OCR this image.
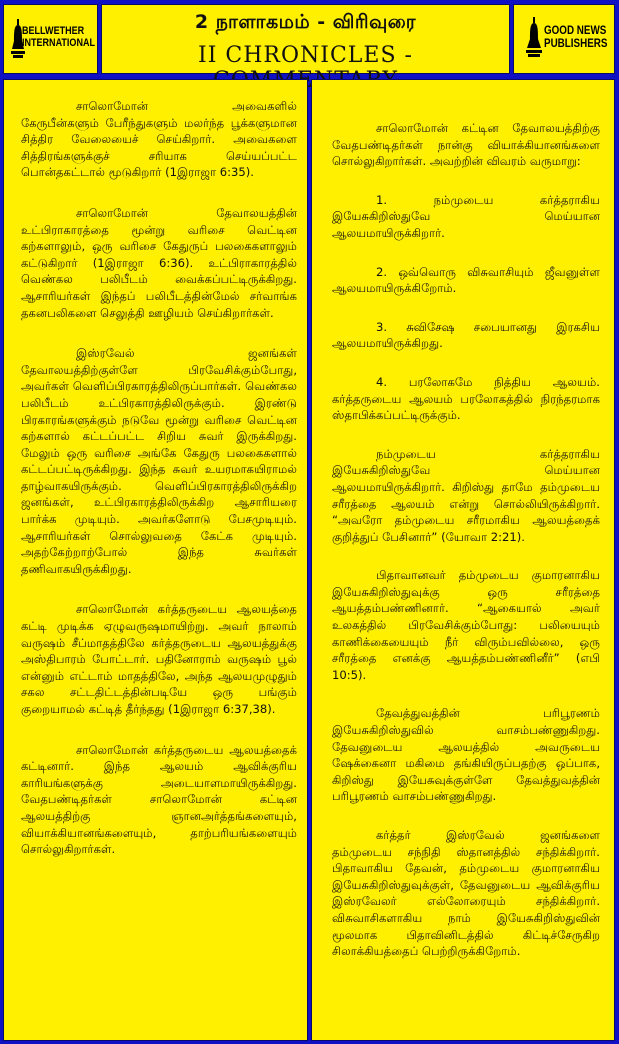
BELLWETHER
INTERNATIONAL
2 நாளாகமம் - விரிவுரை
II CHRONICLES -
GOOD NEWS
PUBLISHERS

சாலொமோன் அவைகளில் கேருபீன்களும் பேரீந்துகளும் மலர்ந்த பூக்களுமான சித்திர வேலையைச் செய்கிறார். அவைகளை சித்திரங்களுக்குச் சரியாக செய்யப்பட்ட பொன்தகட்டால் மூடுகிறார் (1இராஜா 6:35).

சாலொமோன் தேவாலயத்தின் உட்பிராகாரத்தை மூன்று வரிசை வெட்டின கற்களாலும், ஒரு வரிசை கேதுருப் பலகைகளாலும் கட்டுகிறார் (1இராஜா 6:36). உட்பிராகாரத்தில் வெண்கல பலிபீடம் வைக்கப்பட்டிருக்கிறது. ஆசாரியர்கள் இந்தப் பலிபீடத்தின்மேல் சர்வாங்க தகனபலிகளை செலுத்தி ஊழியம் செய்கிறார்கள்.

இஸ்ரவேல் ஜனங்கள் தேவாலயத்திற்குள்ளே பிரவேசிக்கும்போது, அவர்கள் வெளிப்பிரகாரத்திலிருப்பார்கள். வெண்கல பலிபீடம் உட்பிரகாரத்திலிருக்கும். இரண்டு பிரகாரங்களுக்கும் நடுவே மூன்று வரிசை வெட்டின கற்களால் கட்டப்பட்ட சிறிய சுவர் இருக்கிறது. மேலும் ஒரு வரிசை அங்கே கேதுரு பலகைகளால் கட்டப்பட்டிருக்கிறது. இந்த சுவர் உயரமாகயிராமல் தாழ்வாகயிருக்கும். வெளிப்பிரகாரத்திலிருக்கிற ஜனங்கள், உட்பிரகாரத்திலிருக்கிற ஆசாரியரை பார்க்க முடியும். அவர்களோடு பேசமுடியும். ஆசாரியர்கள் சொல்லுவதை கேட்க முடியும். அதற்கேற்றாற்போல் இந்த சுவர்கள் தணிவாகயிருக்கிறது.

சாலொமோன் கர்த்தருடைய ஆலயத்தை கட்டி முடிக்க ஏழுவருஷமாயிற்று. அவர் நாலாம் வருஷம் சீப்மாதத்திலே கர்த்தருடைய ஆலயத்துக்கு அஸ்திபாரம் போட்டார். பதினோராம் வருஷம் பூல் என்னும் எட்டாம் மாதத்திலே, அந்த ஆலயமுழுதும் சகல சட்டதிட்டத்தின்படியே ஒரு பங்கும் குறையாமல் கட்டித் தீர்ந்தது (1இராஜா 6:37,38).

சாலொமோன் கர்த்தருடைய ஆலயத்தைக் கட்டினார். இந்த ஆலயம் ஆவிக்குரிய காரியங்களுக்கு அடையாளமாயிருக்கிறது. வேதபண்டிதர்கள் சாலொமோன் கட்டின ஆலயத்திற்கு ஞானஅர்த்தங்களையும், வியாக்கியானங்களையும், தாற்பரியங்களையும் சொல்லுகிறார்கள்.

சாலொமோன் கட்டின தேவாலயத்திற்கு வேதபண்டிதர்கள் நான்கு வியாக்கியானங்களை சொல்லுகிறார்கள். அவற்றின் விவரம் வருமாறு:

1. நம்முடைய கர்த்தராகிய இயேசுகிறிஸ்துவே மெய்யான ஆலயமாயிருக்கிறார்.

2. ஒவ்வொரு விசுவாசியும் ஜீவனுள்ள ஆலயமாயிருக்கிறோம்.

3. சுவிசேஷ சபையானது இரகசிய ஆலயமாயிருக்கிறது.

4. பரலோகமே நித்திய ஆலயம். கர்த்தருடைய ஆலயம் பரலோகத்தில் நிரந்தரமாக ஸ்தாபிக்கப்பட்டிருக்கும்.

நம்முடைய கர்த்தராகிய இயேசுகிறிஸ்துவே மெய்யான ஆலயமாயிருக்கிறார். கிறிஸ்து தாமே தம்முடைய சரீரத்தை ஆலயம் என்று சொல்லியிருக்கிறார். “அவரோ தம்முடைய சரீரமாகிய ஆலயத்தைக் குறித்துப் பேசினார்” (யோவா 2:21).

பிதாவானவர் தம்முடைய குமாரனாகிய இயேசுகிறிஸ்துவுக்கு ஒரு சரீரத்தை ஆயத்தம்பண்ணினார். “ஆகையால் அவர் உலகத்தில் பிரவேசிக்கும்போது: பலியையும் காணிக்கையையும் நீர் விரும்பவில்லை, ஒரு சரீரத்தை எனக்கு ஆயத்தம்பண்ணினீர்” (எபி 10:5).

தேவத்துவத்தின் பரிபூரணம் இயேசுகிறிஸ்துவில் வாசம்பண்ணுகிறது. தேவனுடைய ஆலயத்தில் அவருடைய ஷேக்கைனா மகிமை தங்கியிருப்பதற்கு ஒப்பாக, கிறிஸ்து இயேசுவுக்குள்ளே தேவத்துவத்தின் பரிபூரணம் வாசம்பண்ணுகிறது.

கர்த்தர் இஸ்ரவேல் ஜனங்களை தம்முடைய சந்நிதி ஸ்தானத்தில் சந்திக்கிறார். பிதாவாகிய தேவன், தம்முடைய குமாரனாகிய இயேசுகிறிஸ்துவுக்குள், தேவனுடைய ஆவிக்குரிய இஸ்ரவேலர் எல்லோரையும் சந்திக்கிறார். விசுவாசிகளாகிய நாம் இயேசுகிறிஸ்துவின் மூலமாக பிதாவினிடத்தில் கிட்டிச்சேருகிற சிலாக்கியத்தைப் பெற்றிருக்கிறோம்.
